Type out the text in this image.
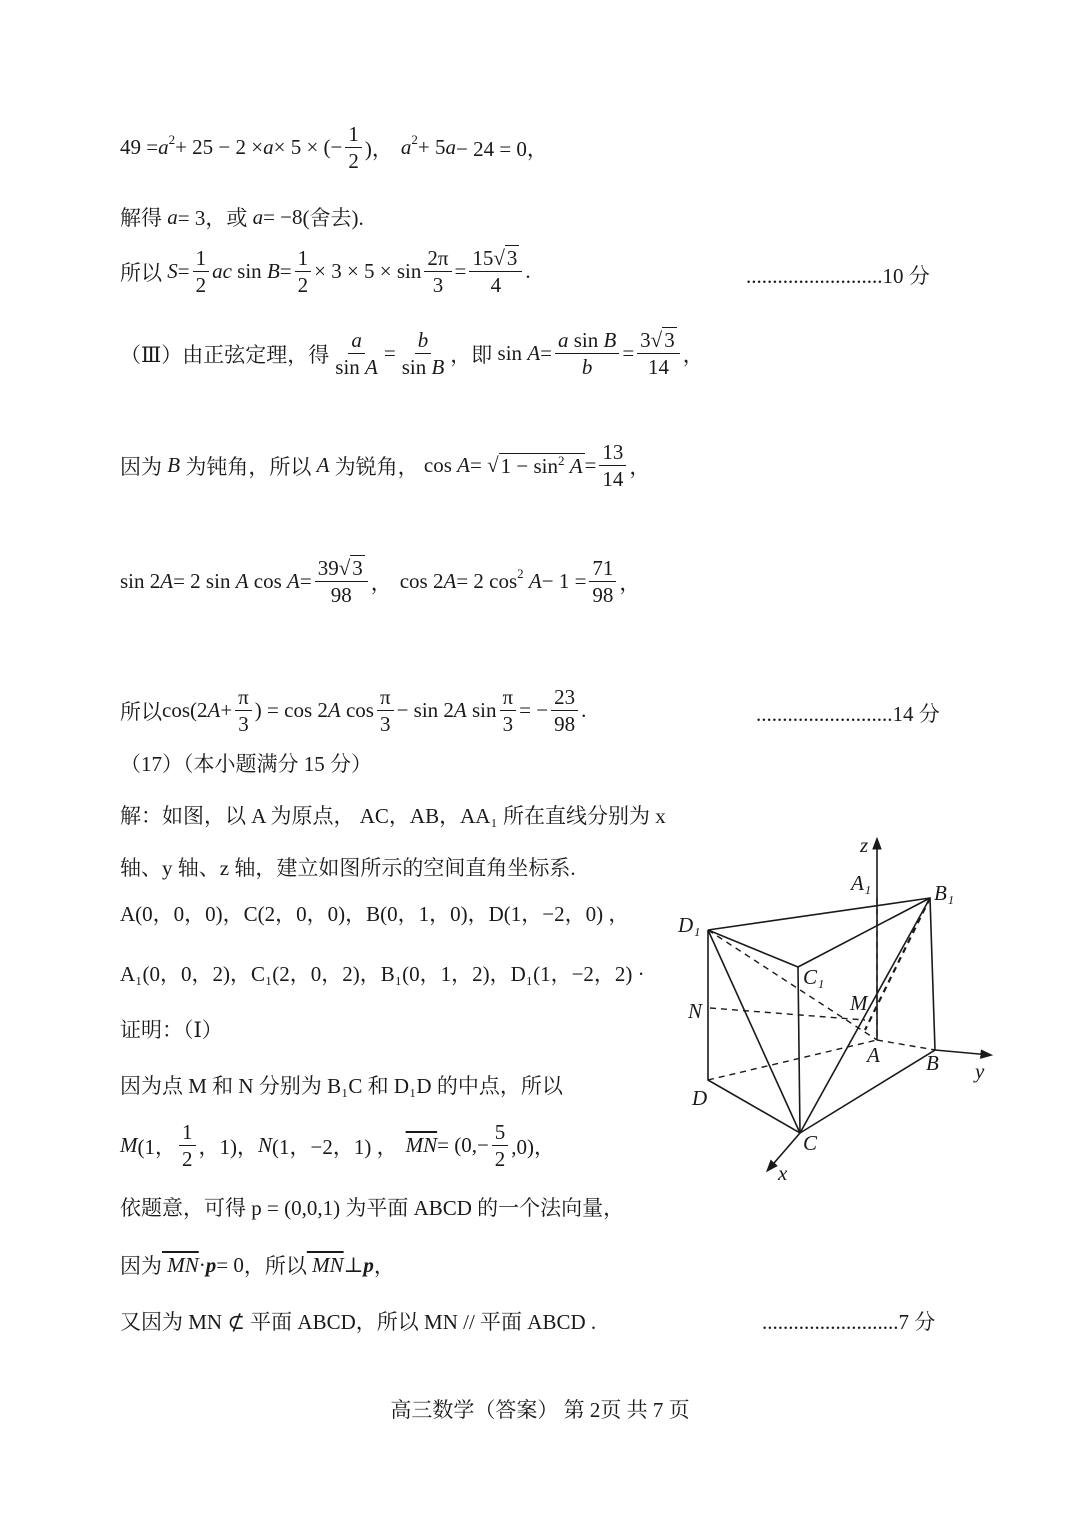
49 = a 2 + 25 − 2 × a × 5 × (− $\frac{1}{2}$ )， a 2 + 5 a − 24 = 0，
解得
a = 3， 或
a = −8 (舍去).
所以 $S = \frac{1}{2}$ ac $\sin B = \frac{1}{2} \times 3 \times 5 \times \sin \frac{2\pi}{3} = \frac{15√3}{4}$ .	..........................10 分
（Ⅲ）由正弦定理，得 $\frac{a}{\text{sin A}} = \frac{b}{\text{sin B}}$ ， 即 $\sin A = \frac{\text{a sin B}}{b} = \frac{3√3}{14}$ ，
因为 B 为钝角，所以 A 为锐角， cos A = √ $1 - \sin^2 A = \frac{13}{14}$ ，
sin 2 A = 2 sin A $\cos A = \frac{39√3}{98}$ ， cos 2 A = 2 cos 2
$A - 1 = \frac{71}{98}$ ，
所以 cos(2 $A + \frac{\pi}{3}$ ) = cos 2 A $\cos \frac{\pi}{3} - \sin 2$ A $\sin \frac{\pi}{3}$ = − $\frac{23}{98}$ .	..........................14 分
（17）（本小题满分 15 分）
解：如图，以 A 为原点， AC，AB，AA₁ 所在直线分别为 x
轴、y 轴、z 轴，建立如图所示的空间直角坐标系.
A(0，0，0)，C(2，0，0)，B(0，1，0)，D(1，−2，0) ，
A₁(0，0，2)，C₁(2，0，2)，B₁(0，1，2)，D₁(1，−2，2) ·
证明：（Ⅰ）
因为点 M 和 N 分别为 B₁C 和 D₁D 的中点，所以
M (1， $\frac{1}{2}$ ，1)， N (1，−2，1) ， $\overline{MN} = (0,- \frac{5}{2} ,0)$，
依题意，可得 p = (0,0,1) 为平面 ABCD 的一个法向量，
因为 MN · p = 0 ，所以 MN ⊥ p ，
又因为 MN ⊄ 平面 ABCD，所以 MN // 平面 ABCD .	..........................7 分
z
y
x
A₁	B₁
C₁
D₁
M
N
A B
D
C
高三数学（答案） 第 2页 共 7 页
